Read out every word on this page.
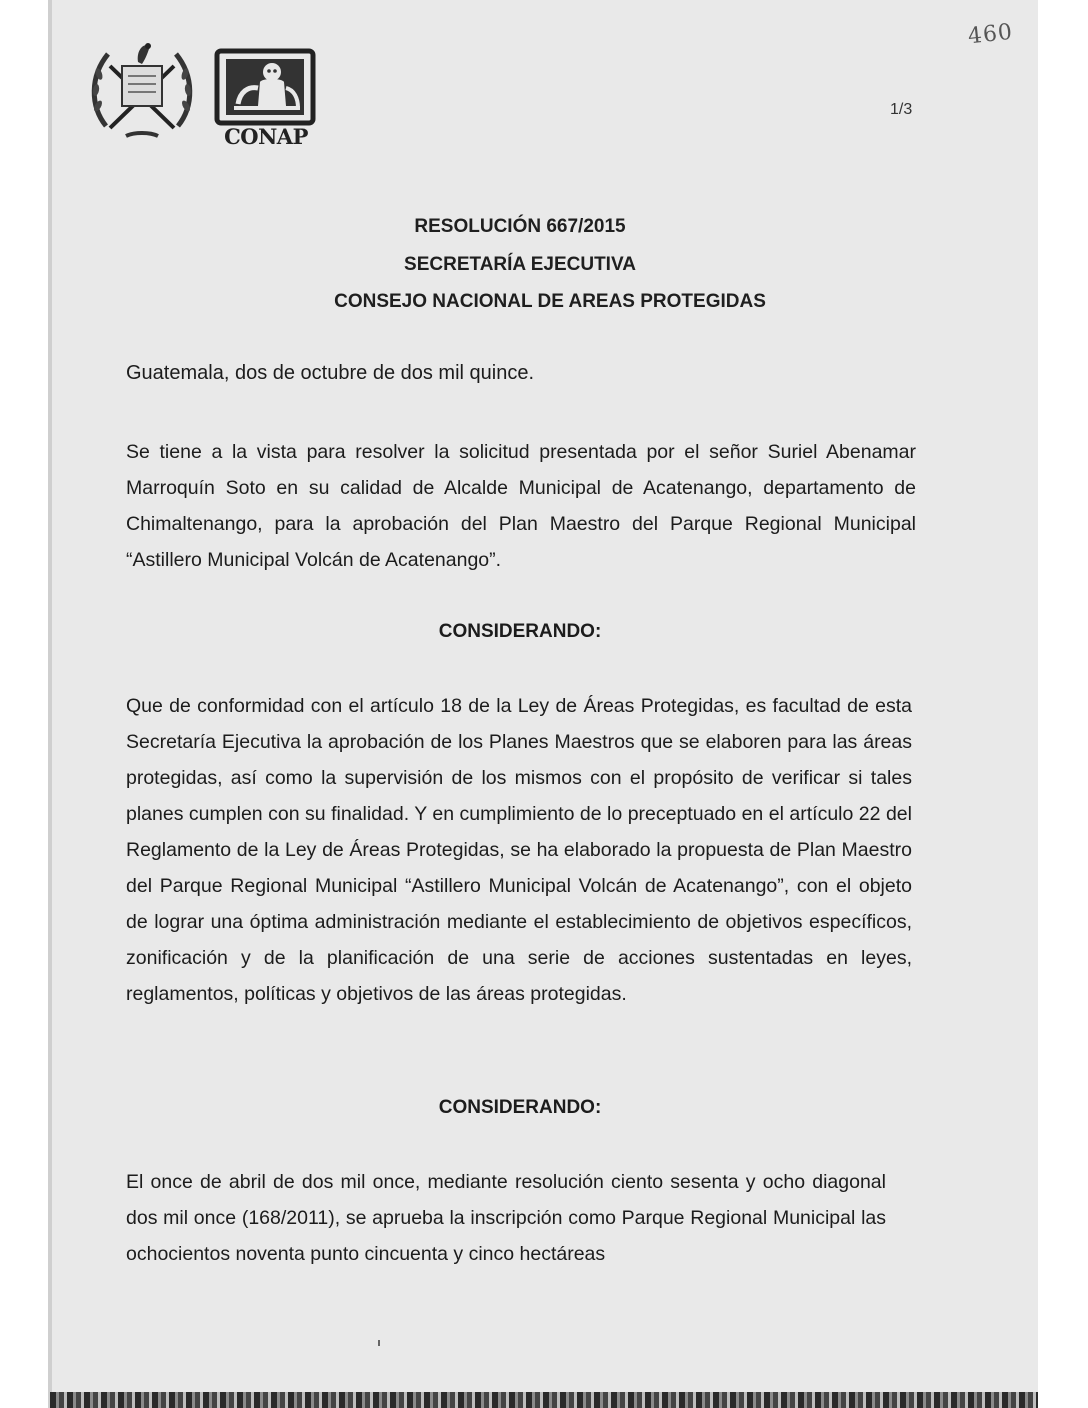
460
1/3
CONAP
RESOLUCIÓN 667/2015
SECRETARÍA EJECUTIVA
CONSEJO NACIONAL DE AREAS PROTEGIDAS
Guatemala, dos de octubre de dos mil quince.
Se tiene a la vista para resolver la solicitud presentada por el señor Suriel Abenamar Marroquín Soto en su calidad de Alcalde Municipal de Acatenango, departamento de Chimaltenango, para la aprobación del Plan Maestro del Parque Regional Municipal “Astillero Municipal Volcán de Acatenango”.
CONSIDERANDO:
Que de conformidad con el artículo 18 de la Ley de Áreas Protegidas, es facultad de esta Secretaría Ejecutiva la aprobación de los Planes Maestros que se elaboren para las áreas protegidas, así como la supervisión de los mismos con el propósito de verificar si tales planes cumplen con su finalidad. Y en cumplimiento de lo preceptuado en el artículo 22 del Reglamento de la Ley de Áreas Protegidas, se ha elaborado la propuesta de Plan Maestro del Parque Regional Municipal “Astillero Municipal Volcán de Acatenango”, con el objeto de lograr una óptima administración mediante el establecimiento de objetivos específicos, zonificación y de la planificación de una serie de acciones sustentadas en leyes, reglamentos, políticas y objetivos de las áreas protegidas.
CONSIDERANDO:
El once de abril de dos mil once, mediante resolución ciento sesenta y ocho diagonal dos mil once (168/2011), se aprueba la inscripción como Parque Regional Municipal las ochocientos noventa punto cincuenta y cinco hectáreas
